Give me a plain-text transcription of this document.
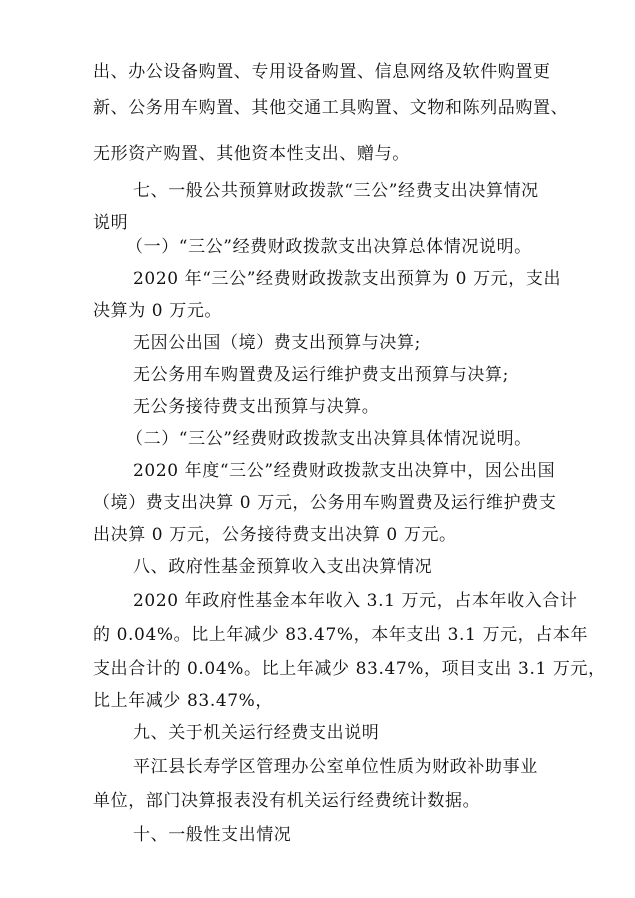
出、办公设备购置、专用设备购置、信息网络及软件购置更
新、公务用车购置、其他交通工具购置、文物和陈列品购置、
无形资产购置、其他资本性支出、赠与。
七、一般公共预算财政拨款“三公”经费支出决算情况
说明
（一）“三公”经费财政拨款支出决算总体情况说明。
2020 年“三公”经费财政拨款支出预算为 0 万元，支出
决算为 0 万元。
无因公出国（境）费支出预算与决算;
无公务用车购置费及运行维护费支出预算与决算;
无公务接待费支出预算与决算。
（二）“三公”经费财政拨款支出决算具体情况说明。
2020 年度“三公”经费财政拨款支出决算中，因公出国
（境）费支出决算 0 万元，公务用车购置费及运行维护费支
出决算 0 万元，公务接待费支出决算 0 万元。
八、政府性基金预算收入支出决算情况
2020 年政府性基金本年收入 3.1 万元，占本年收入合计
的 0.04%。比上年减少 83.47%，本年支出 3.1 万元，占本年
支出合计的 0.04%。比上年减少 83.47%，项目支出 3.1 万元，
比上年减少 83.47%，
九、关于机关运行经费支出说明
平江县长寿学区管理办公室单位性质为财政补助事业
单位，部门决算报表没有机关运行经费统计数据。
十、一般性支出情况
